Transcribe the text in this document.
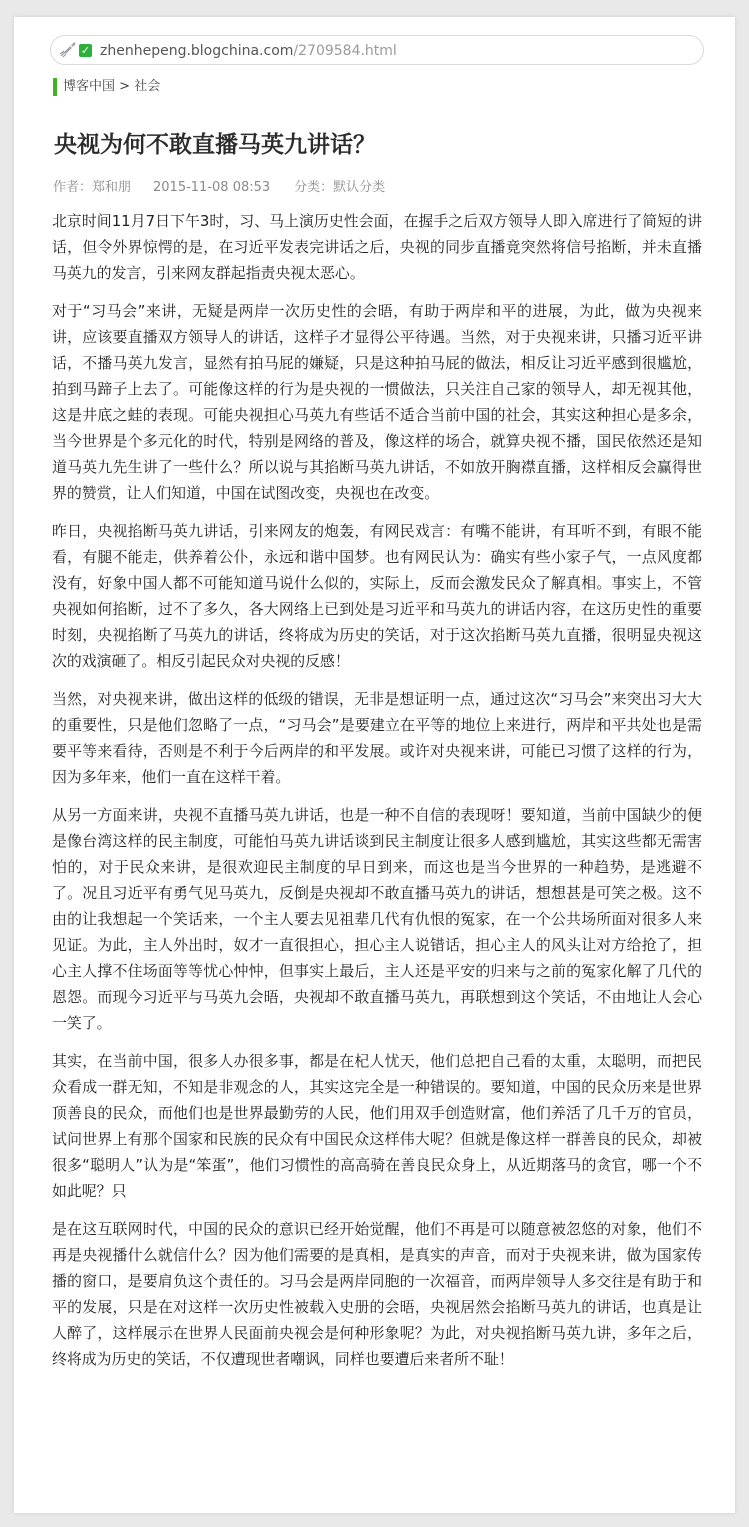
✓ zhenhepeng.blogchina.com/2709584.html
博客中国 > 社会
央视为何不敢直播马英九讲话？
作者：郑和朋 2015-11-08 08:53 分类：默认分类

北京时间11月7日下午3时，习、马上演历史性会面，在握手之后双方领导人即入席进行了简短的讲话，但令外界惊愕的是，在习近平发表完讲话之后，央视的同步直播竟突然将信号掐断，并未直播马英九的发言，引来网友群起指责央视太恶心。

对于“习马会”来讲，无疑是两岸一次历史性的会晤，有助于两岸和平的进展，为此，做为央视来讲，应该要直播双方领导人的讲话，这样子才显得公平待遇。当然，对于央视来讲，只播习近平讲话，不播马英九发言，显然有拍马屁的嫌疑，只是这种拍马屁的做法，相反让习近平感到很尴尬，拍到马蹄子上去了。可能像这样的行为是央视的一惯做法，只关注自己家的领导人，却无视其他，这是井底之蛙的表现。可能央视担心马英九有些话不适合当前中国的社会，其实这种担心是多余，当今世界是个多元化的时代，特别是网络的普及，像这样的场合，就算央视不播，国民依然还是知道马英九先生讲了一些什么？所以说与其掐断马英九讲话，不如放开胸襟直播，这样相反会赢得世界的赞赏，让人们知道，中国在试图改变，央视也在改变。

昨日，央视掐断马英九讲话，引来网友的炮轰，有网民戏言：有嘴不能讲，有耳听不到，有眼不能看，有腿不能走，供养着公仆，永远和谐中国梦。也有网民认为：确实有些小家子气，一点风度都没有，好象中国人都不可能知道马说什么似的，实际上，反而会激发民众了解真相。事实上，不管央视如何掐断，过不了多久，各大网络上已到处是习近平和马英九的讲话内容，在这历史性的重要时刻，央视掐断了马英九的讲话，终将成为历史的笑话，对于这次掐断马英九直播，很明显央视这次的戏演砸了。相反引起民众对央视的反感！

当然，对央视来讲，做出这样的低级的错误，无非是想证明一点，通过这次“习马会”来突出习大大的重要性，只是他们忽略了一点，“习马会”是要建立在平等的地位上来进行，两岸和平共处也是需要平等来看待，否则是不利于今后两岸的和平发展。或许对央视来讲，可能已习惯了这样的行为，因为多年来，他们一直在这样干着。

从另一方面来讲，央视不直播马英九讲话，也是一种不自信的表现呀！要知道，当前中国缺少的便是像台湾这样的民主制度，可能怕马英九讲话谈到民主制度让很多人感到尴尬，其实这些都无需害怕的，对于民众来讲，是很欢迎民主制度的早日到来，而这也是当今世界的一种趋势，是逃避不了。况且习近平有勇气见马英九，反倒是央视却不敢直播马英九的讲话，想想甚是可笑之极。这不由的让我想起一个笑话来，一个主人要去见祖辈几代有仇恨的冤家，在一个公共场所面对很多人来见证。为此，主人外出时，奴才一直很担心，担心主人说错话，担心主人的风头让对方给抢了，担心主人撑不住场面等等忧心忡忡，但事实上最后，主人还是平安的归来与之前的冤家化解了几代的恩怨。而现今习近平与马英九会晤，央视却不敢直播马英九，再联想到这个笑话，不由地让人会心一笑了。

其实，在当前中国，很多人办很多事，都是在杞人忧天，他们总把自己看的太重，太聪明，而把民众看成一群无知，不知是非观念的人，其实这完全是一种错误的。要知道，中国的民众历来是世界顶善良的民众，而他们也是世界最勤劳的人民，他们用双手创造财富，他们养活了几千万的官员，试问世界上有那个国家和民族的民众有中国民众这样伟大呢？但就是像这样一群善良的民众，却被很多“聪明人”认为是“笨蛋”，他们习惯性的高高骑在善良民众身上，从近期落马的贪官，哪一个不如此呢？只

是在这互联网时代，中国的民众的意识已经开始觉醒，他们不再是可以随意被忽悠的对象，他们不再是央视播什么就信什么？因为他们需要的是真相，是真实的声音，而对于央视来讲，做为国家传播的窗口，是要肩负这个责任的。习马会是两岸同胞的一次福音，而两岸领导人多交往是有助于和平的发展，只是在对这样一次历史性被载入史册的会晤，央视居然会掐断马英九的讲话，也真是让人醉了，这样展示在世界人民面前央视会是何种形象呢？为此，对央视掐断马英九讲，多年之后，终将成为历史的笑话，不仅遭现世者嘲讽，同样也要遭后来者所不耻！
